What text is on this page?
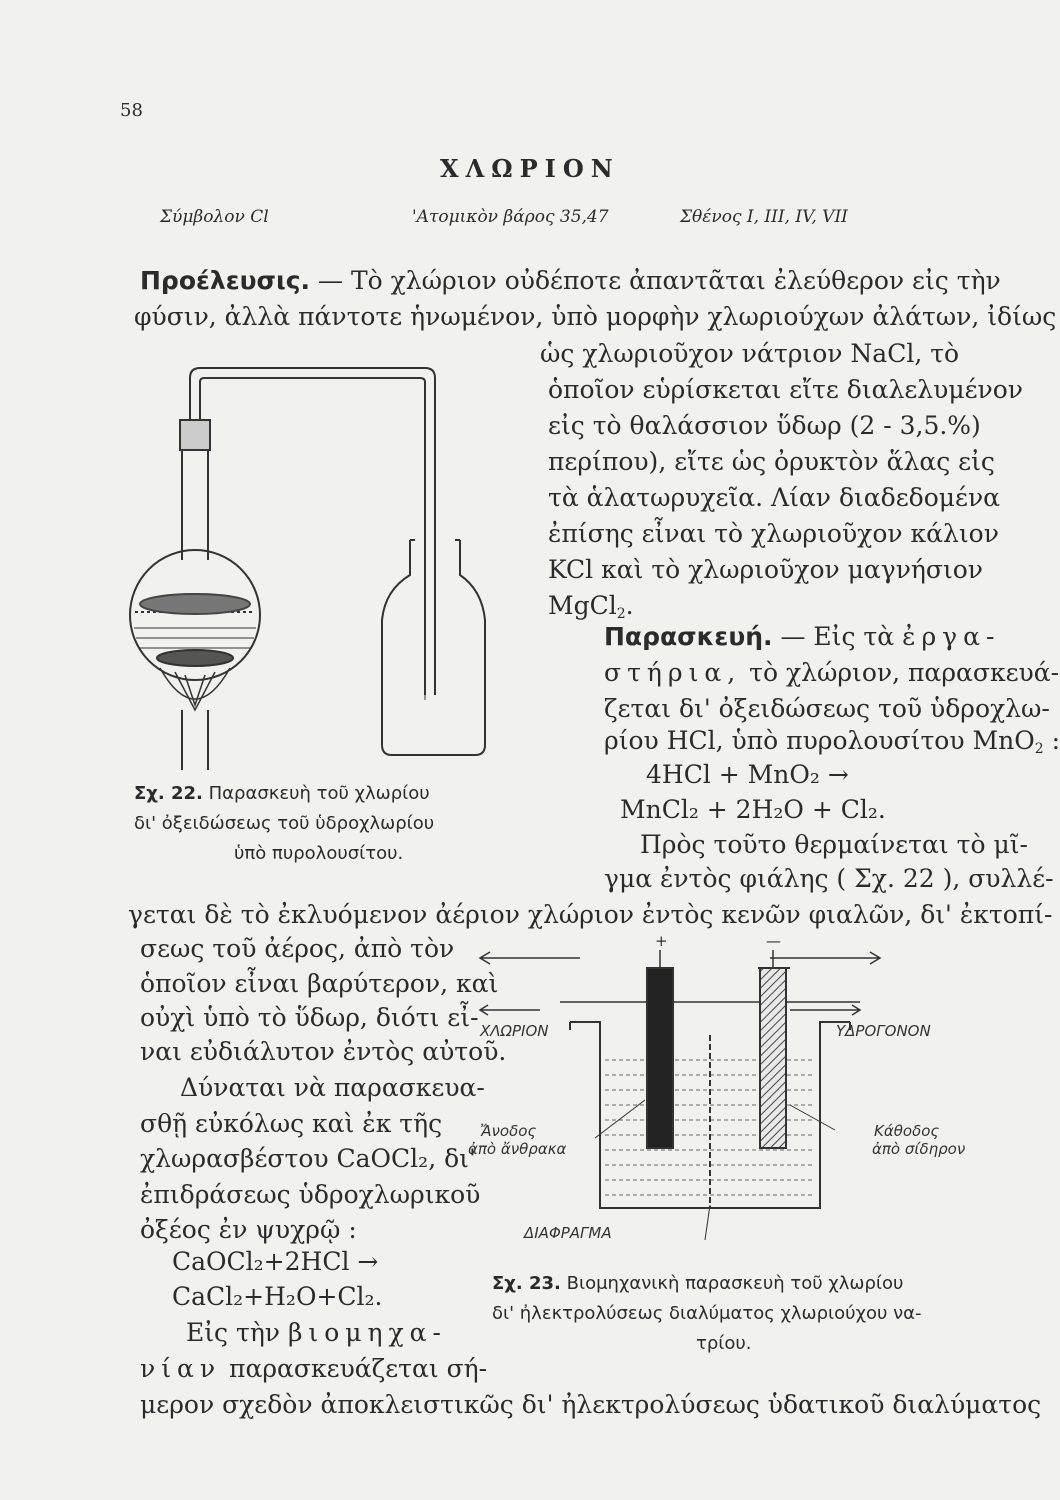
58
ΧΛΩΡΙΟΝ
Σύμβολον Cl	'Ατομικὸν βάρος 35,47	Σθένος I, III, IV, VII
Προέλευσις. — Τὸ χλώριον οὐδέποτε ἀπαντᾶται ἐλεύθερον εἰς τὴν
φύσιν, ἀλλὰ πάντοτε ἡνωμένον, ὑπὸ μορφὴν χλωριούχων ἀλάτων, ἰδίως
ὡς χλωριοῦχον νάτριον NaCl, τὸ
ὁποῖον εὑρίσκεται εἴτε διαλελυμένον
εἰς τὸ θαλάσσιον ὕδωρ (2 - 3,5.%)
περίπου), εἴτε ὡς ὀρυκτὸν ἅλας εἰς
τὰ ἁλατωρυχεῖα. Λίαν διαδεδομένα
ἐπίσης εἶναι τὸ χλωριοῦχον κάλιον
KCl καὶ τὸ χλωριοῦχον μαγνήσιον
MgCl$_2$.
Παρασκευή. — Εἰς τὰ ἐργα-
στήρια, τὸ χλώριον, παρασκευά-
ζεται δι' ὀξειδώσεως τοῦ ὑδροχλω-
ρίου HCl, ὑπὸ πυρολουσίτου MnO$_2$ :
4HCl + MnO₂ →
MnCl₂ + 2H₂O + Cl₂.
Πρὸς τοῦτο θερμαίνεται τὸ μῖ-
γμα ἐντὸς φιάλης ( Σχ. 22 ), συλλέ-
γεται δὲ τὸ ἐκλυόμενον ἀέριον χλώριον ἐντὸς κενῶν φιαλῶν, δι' ἐκτοπί-
σεως τοῦ ἀέρος, ἀπὸ τὸν
ὁποῖον εἶναι βαρύτερον, καὶ
οὐχὶ ὑπὸ τὸ ὕδωρ, διότι εἶ-
ναι εὐδιάλυτον ἐντὸς αὐτοῦ.
Δύναται νὰ παρασκευα-
σθῇ εὐκόλως καὶ ἐκ τῆς
χλωρασβέστου CaOCl₂, δι'
ἐπιδράσεως ὑδροχλωρικοῦ
ὀξέος ἐν ψυχρῷ :
CaOCl₂+2HCl →
CaCl₂+H₂O+Cl₂.
Εἰς τὴν βιομηχα-
νίαν παρασκευάζεται σή-
μερον σχεδὸν ἀποκλειστικῶς δι' ἠλεκτρολύσεως ὑδατικοῦ διαλύματος
Σχ. 22. Παρασκευὴ τοῦ χλωρίου
δι' ὀξειδώσεως τοῦ ὑδροχλωρίου
ὑπὸ πυρολουσίτου.
+	—
ΧΛΩΡΙΟΝ	ΥΔΡΟΓΟΝΟΝ
Ἄνοδος
ἀπὸ ἄνθρακα
Κάθοδος
ἀπὸ σίδηρον
ΔΙΑΦΡΑΓΜΑ
Σχ. 23. Βιομηχανικὴ παρασκευὴ τοῦ χλωρίου
δι' ἠλεκτρολύσεως διαλύματος χλωριούχου να-
τρίου.
